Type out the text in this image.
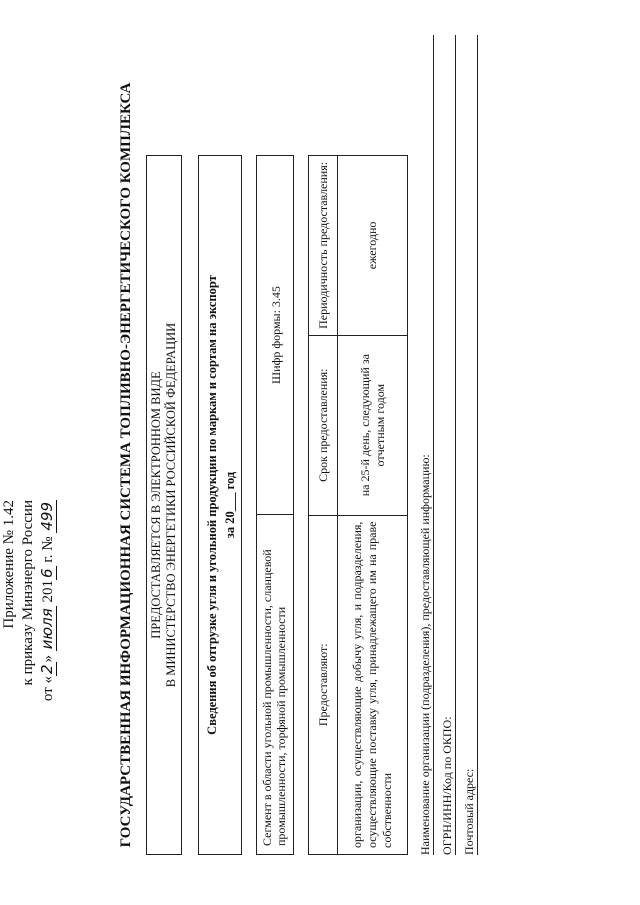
Приложение № 1.42 к приказу Минэнерго России
от «2» июля 2016 г. № 499	ГОСУДАРСТВЕННАЯ ИНФОРМАЦИОННАЯ СИСТЕМА ТОПЛИВНО-ЭНЕРГЕТИЧЕСКОГО КОМПЛЕКСА ПРЕДОСТАВЛЯЕТСЯ В ЭЛЕКТРОННОМ ВИДЕ В МИНИСТЕРСТВО ЭНЕРГЕТИКИ РОССИЙСКОЙ ФЕДЕРАЦИИ Сведения об отгрузке угля и угольной продукции по маркам и сортам на экспорт за 20___ год
Сегмент в области угольной промышленности, сланцевой промышленности, торфяной промышленности
Шифр формы: 3.45
Предоставляют:	Срок предоставления:	Периодичность предоставления:
организации, осуществляющие добычу угля, и подразделения, осуществляющие поставку угля, принадлежащего им на праве собственности	на 25-й день, следующий за отчетным годом	ежегодно
Наименование организации (подразделения), предоставляющей информацию: ОГРН/ИНН/Код по ОКПО: Почтовый адрес:
